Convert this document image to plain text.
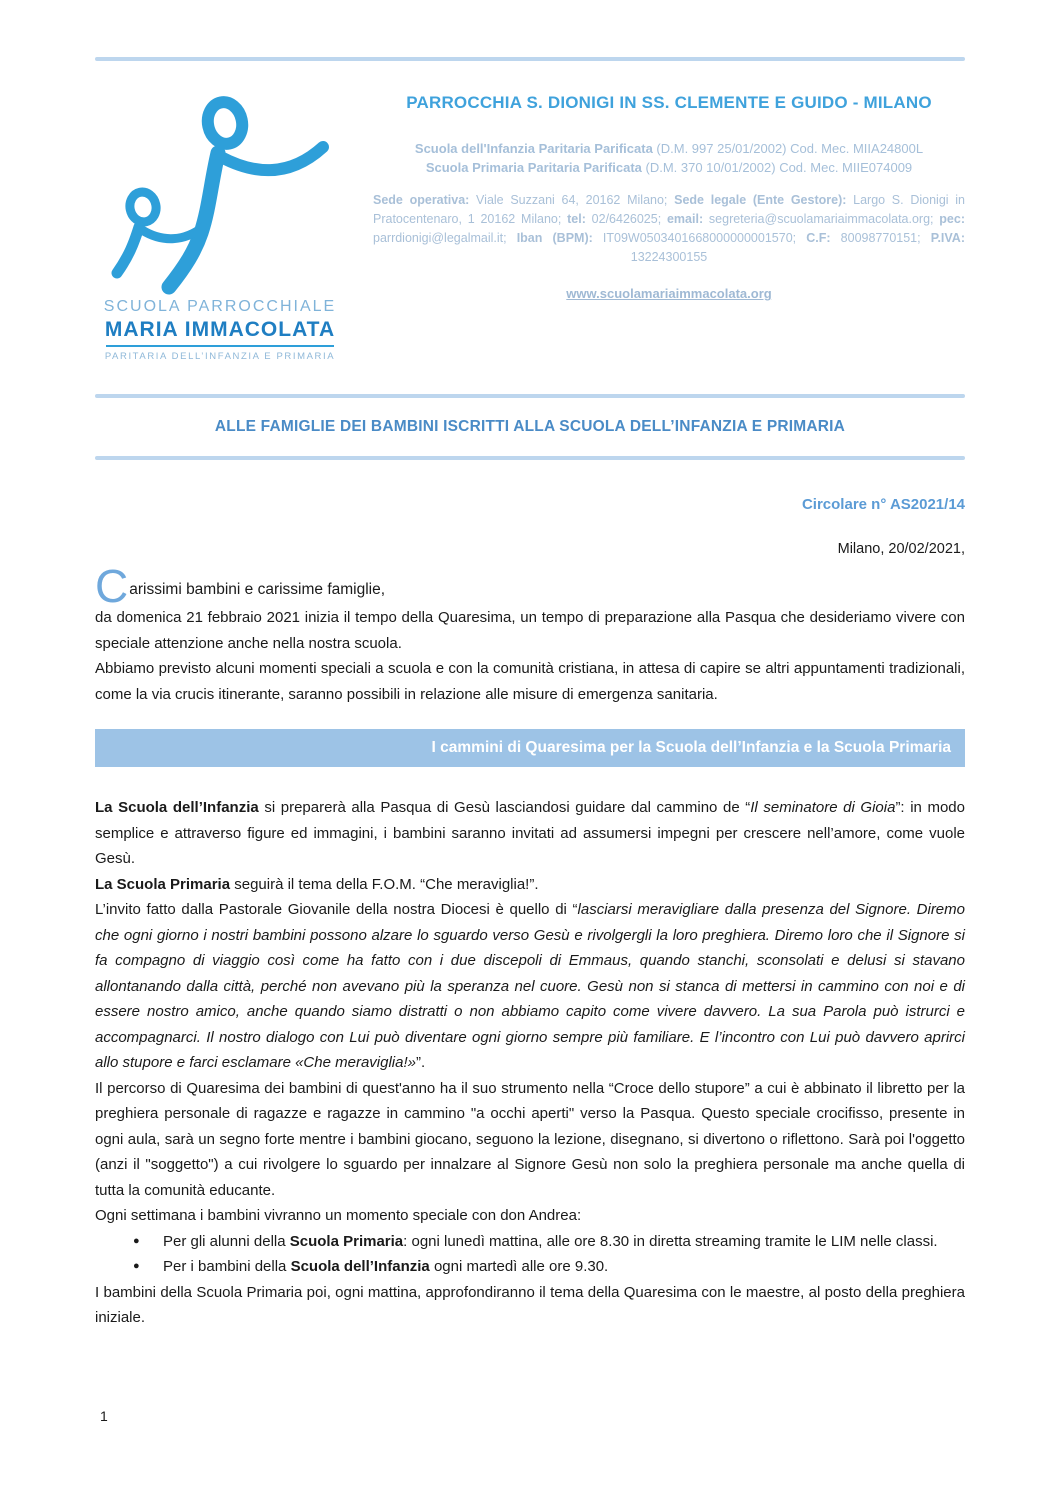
SCUOLA PARROCCHIALE
MARIA IMMACOLATA
PARITARIA DELL’INFANZIA E PRIMARIA
PARROCCHIA S. DIONIGI IN SS. CLEMENTE E GUIDO - MILANO

Scuola dell'Infanzia Paritaria Parificata (D.M. 997 25/01/2002) Cod. Mec. MIIA24800L
Scuola Primaria Paritaria Parificata (D.M. 370 10/01/2002) Cod. Mec. MIIE074009

Sede operativa: Viale Suzzani 64, 20162 Milano; Sede legale (Ente Gestore): Largo S. Dionigi in Pratocentenaro, 1 20162 Milano; tel: 02/6426025; email: segreteria@scuolamariaimmacolata.org; pec: parrdionigi@legalmail.it; Iban (BPM): IT09W0503401668000000001570; C.F: 80098770151; P.IVA: 13224300155

www.scuolamariaimmacolata.org
ALLE FAMIGLIE DEI BAMBINI ISCRITTI ALLA SCUOLA DELL’INFANZIA E PRIMARIA
Circolare n° AS2021/14
Milano, 20/02/2021,

Carissimi bambini e carissime famiglie,

da domenica 21 febbraio 2021 inizia il tempo della Quaresima, un tempo di preparazione alla Pasqua che desideriamo vivere con speciale attenzione anche nella nostra scuola.

Abbiamo previsto alcuni momenti speciali a scuola e con la comunità cristiana, in attesa di capire se altri appuntamenti tradizionali, come la via crucis itinerante, saranno possibili in relazione alle misure di emergenza sanitaria.

I cammini di Quaresima per la Scuola dell’Infanzia e la Scuola Primaria

La Scuola dell’Infanzia si preparerà alla Pasqua di Gesù lasciandosi guidare dal cammino de “Il seminatore di Gioia”: in modo semplice e attraverso figure ed immagini, i bambini saranno invitati ad assumersi impegni per crescere nell’amore, come vuole Gesù.

La Scuola Primaria seguirà il tema della F.O.M. “Che meraviglia!”.

L’invito fatto dalla Pastorale Giovanile della nostra Diocesi è quello di “lasciarsi meravigliare dalla presenza del Signore. Diremo che ogni giorno i nostri bambini possono alzare lo sguardo verso Gesù e rivolgergli la loro preghiera. Diremo loro che il Signore si fa compagno di viaggio così come ha fatto con i due discepoli di Emmaus, quando stanchi, sconsolati e delusi si stavano allontanando dalla città, perché non avevano più la speranza nel cuore. Gesù non si stanca di mettersi in cammino con noi e di essere nostro amico, anche quando siamo distratti o non abbiamo capito come vivere davvero. La sua Parola può istrurci e accompagnarci. Il nostro dialogo con Lui può diventare ogni giorno sempre più familiare. E l’incontro con Lui può davvero aprirci allo stupore e farci esclamare «Che meraviglia!»”.

Il percorso di Quaresima dei bambini di quest'anno ha il suo strumento nella “Croce dello stupore” a cui è abbinato il libretto per la preghiera personale di ragazze e ragazze in cammino "a occhi aperti" verso la Pasqua. Questo speciale crocifisso, presente in ogni aula, sarà un segno forte mentre i bambini giocano, seguono la lezione, disegnano, si divertono o riflettono. Sarà poi l'oggetto (anzi il "soggetto") a cui rivolgere lo sguardo per innalzare al Signore Gesù non solo la preghiera personale ma anche quella di tutta la comunità educante.

Ogni settimana i bambini vivranno un momento speciale con don Andrea:

●	Per gli alunni della Scuola Primaria: ogni lunedì mattina, alle ore 8.30 in diretta streaming tramite le LIM nelle classi.
●	Per i bambini della Scuola dell’Infanzia ogni martedì alle ore 9.30.

I bambini della Scuola Primaria poi, ogni mattina, approfondiranno il tema della Quaresima con le maestre, al posto della preghiera iniziale.

1
